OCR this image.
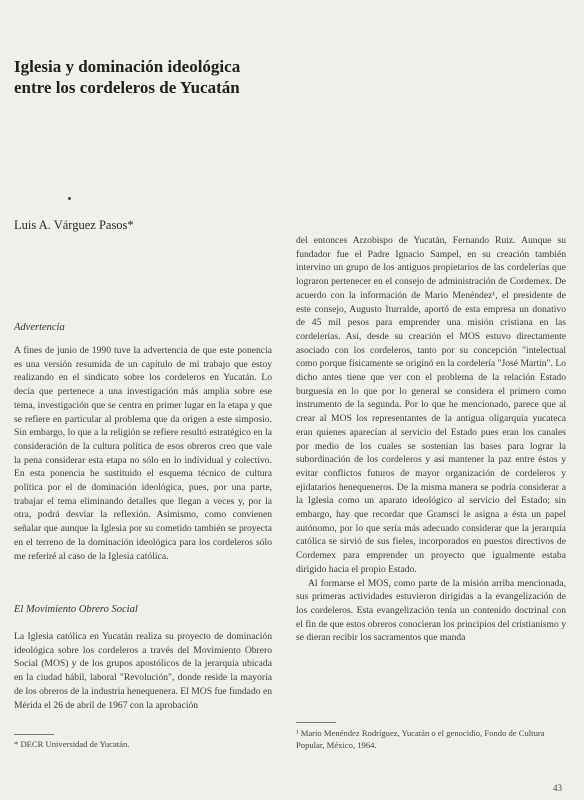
Iglesia y dominación ideológica
entre los cordeleros de Yucatán
Luis A. Várguez Pasos*
Advertencia

A fines de junio de 1990 tuve la advertencia de que este ponencia es una versión resumida de un capítulo de mi trabajo que estoy realizando en el sindicato sobre los cordeleros en Yucatán. Lo decía que pertenece a una investigación más amplia sobre ese tema, investigación que se centra en primer lugar en la etapa y que se refiere en particular al problema que da origen a este simposio. Sin embargo, lo que a la religión se refiere resultó estratégico en la consideración de la cultura política de esos obreros creo que vale la pena considerar esta etapa no sólo en lo individual y colectivo. En esta ponencia he sustituido el esquema técnico de cultura política por el de dominación ideológica, pues, por una parte, trabajar el tema eliminando detalles que llegan a veces y, por la otra, podrá desviar la reflexión. Asimismo, como convienen señalar que aunque la Iglesia por su cometido también se proyecta en el terreno de la dominación ideológica para los cordeleros sólo me referiré al caso de la Iglesia católica.

El Movimiento Obrero Social

La Iglesia católica en Yucatán realiza su proyecto de dominación ideológica sobre los cordeleros a través del Movimiento Obrero Social (MOS) y de los grupos apostólicos de la jerarquía ubicada en la ciudad hábil, laboral "Revolución", donde reside la mayoría de los obreros de la industria henequenera. El MOS fue fundado en Mérida el 26 de abril de 1967 con la aprobación

* DECR Universidad de Yucatán.

del entonces Arzobispo de Yucatán, Fernando Ruiz. Aunque su fundador fue el Padre Ignacio Sampel, en su creación también intervino un grupo de los antiguos propietarios de las cordelerías que lograron pertenecer en el consejo de administración de Cordemex. De acuerdo con la información de Mario Menéndez¹, el presidente de este consejo, Augusto Iturralde, aportó de esta empresa un donativo de 45 mil pesos para emprender una misión cristiana en las cordelerías. Así, desde su creación el MOS estuvo directamente asociado con los cordeleros, tanto por su concepción "intelectual como porque físicamente se originó en la cordelería "José Martín". Lo dicho antes tiene que ver con el problema de la relación Estado burguesía en lo que por lo general se considera el primero como instrumento de la segunda. Por lo que he mencionado, parece que al crear al MOS los representantes de la antigua oligarquía yucateca eran quienes aparecían al servicio del Estado pues eran los canales por medio de los cuales se sostenían las bases para lograr la subordinación de los cordeleros y así mantener la paz entre éstos y evitar conflictos futuros de mayor organización de cordeleros y ejidatarios henequeneros. De la misma manera se podría considerar a la Iglesia como un aparato ideológico al servicio del Estado; sin embargo, hay que recordar que Gramsci le asigna a ésta un papel autónomo, por lo que sería más adecuado considerar que la jerarquía católica se sirvió de sus fieles, incorporados en puestos directivos de Cordemex para emprender un proyecto que igualmente estaba dirigido hacia el propio Estado.

Al formarse el MOS, como parte de la misión arriba mencionada, sus primeras actividades estuvieron dirigidas a la evangelización de los cordeleros. Esta evangelización tenía un contenido doctrinal con el fin de que estos obreros conocieran los principios del cristianismo y se dieran recibir los sacramentos que manda

¹ Mario Menéndez Rodríguez, Yucatán o el genocidio, Fondo de Cultura Popular, México, 1964.
43
